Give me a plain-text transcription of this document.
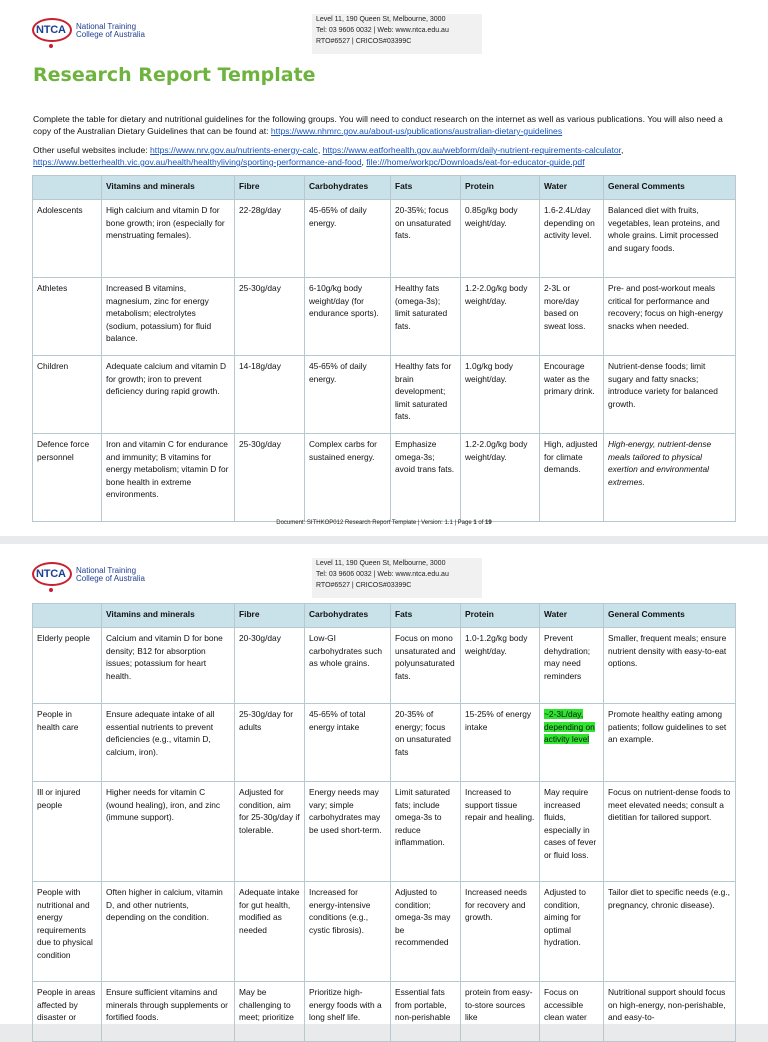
NTCA National Training
College of Australia
Level 11, 190 Queen St, Melbourne, 3000
Tel: 03 9606 0032 | Web: www.ntca.edu.au
RTO#6527 | CRICOS#03399C
Research Report Template
Complete the table for dietary and nutritional guidelines for the following groups. You will need to conduct research on the internet as well as various publications. You will also need a copy of the Australian Dietary Guidelines that can be found at: https://www.nhmrc.gov.au/about-us/publications/australian-dietary-guidelines
Other useful websites include: https://www.nrv.gov.au/nutrients-energy-calc, https://www.eatforhealth.gov.au/webform/daily-nutrient-requirements-calculator, https://www.betterhealth.vic.gov.au/health/healthyliving/sporting-performance-and-food, file:///home/workpc/Downloads/eat-for-educator-guide.pdf
	Vitamins and minerals	Fibre	Carbohydrates	Fats	Protein	Water	General Comments
Adolescents	High calcium and vitamin D for bone growth; iron (especially for menstruating females).	22-28g/day	45-65% of daily energy.	20-35%; focus on unsaturated fats.	0.85g/kg body weight/day.	1.6-2.4L/day depending on activity level.	Balanced diet with fruits, vegetables, lean proteins, and whole grains. Limit processed and sugary foods.
Athletes	Increased B vitamins, magnesium, zinc for energy metabolism; electrolytes (sodium, potassium) for fluid balance.	25-30g/day	6-10g/kg body weight/day (for endurance sports).	Healthy fats (omega-3s); limit saturated fats.	1.2-2.0g/kg body weight/day.	2-3L or more/day based on sweat loss.	Pre- and post-workout meals critical for performance and recovery; focus on high-energy snacks when needed.
Children	Adequate calcium and vitamin D for growth; iron to prevent deficiency during rapid growth.	14-18g/day	45-65% of daily energy.	Healthy fats for brain development; limit saturated fats.	1.0g/kg body weight/day.	Encourage water as the primary drink.	Nutrient-dense foods; limit sugary and fatty snacks; introduce variety for balanced growth.
Defence force personnel	Iron and vitamin C for endurance and immunity; B vitamins for energy metabolism; vitamin D for bone health in extreme environments.	25-30g/day	Complex carbs for sustained energy.	Emphasize omega-3s; avoid trans fats.	1.2-2.0g/kg body weight/day.	High, adjusted for climate demands.	High-energy, nutrient-dense meals tailored to physical exertion and environmental extremes.
Document: SITHKOP012 Research Report Template | Version: 1.1 | Page 1 of 19
NTCA National Training
College of Australia
Level 11, 190 Queen St, Melbourne, 3000
Tel: 03 9606 0032 | Web: www.ntca.edu.au
RTO#6527 | CRICOS#03399C
	Vitamins and minerals	Fibre	Carbohydrates	Fats	Protein	Water	General Comments
Elderly people	Calcium and vitamin D for bone density; B12 for absorption issues; potassium for heart health.	20-30g/day	Low-GI carbohydrates such as whole grains.	Focus on monounsaturated and polyunsaturated fats.	1.0-1.2g/kg body weight/day.	Prevent dehydration; may need reminders	Smaller, frequent meals; ensure nutrient density with easy-to-eat options.
People in health care	Ensure adequate intake of all essential nutrients to prevent deficiencies (e.g., vitamin D, calcium, iron).	25-30g/day for adults	45-65% of total energy intake	20-35% of energy; focus on unsaturated fats	15-25% of energy intake	~2-3L/day, depending on activity level	Promote healthy eating among patients; follow guidelines to set an example.
Ill or injured people	Higher needs for vitamin C (wound healing), iron, and zinc (immune support).	Adjusted for condition, aim for 25-30g/day if tolerable.	Energy needs may vary; simple carbohydrates may be used short-term.	Limit saturated fats; include omega-3s to reduce inflammation.	Increased to support tissue repair and healing.	May require increased fluids, especially in cases of fever or fluid loss.	Focus on nutrient-dense foods to meet elevated needs; consult a dietitian for tailored support.
People with nutritional and energy requirements due to physical condition	Often higher in calcium, vitamin D, and other nutrients, depending on the condition.	Adequate intake for gut health, modified as needed	Increased for energy-intensive conditions (e.g., cystic fibrosis).	Adjusted to condition; omega-3s may be recommended	Increased needs for recovery and growth.	Adjusted to condition, aiming for optimal hydration.	Tailor diet to specific needs (e.g., pregnancy, chronic disease).
People in areas affected by disaster or	Ensure sufficient vitamins and minerals through supplements or fortified foods.	May be challenging to meet; prioritize	Prioritize high-energy foods with a long shelf life.	Essential fats from portable, non-perishable	protein from easy-to-store sources like	Focus on accessible clean water	Nutritional support should focus on high-energy, non-perishable, and easy-to-
